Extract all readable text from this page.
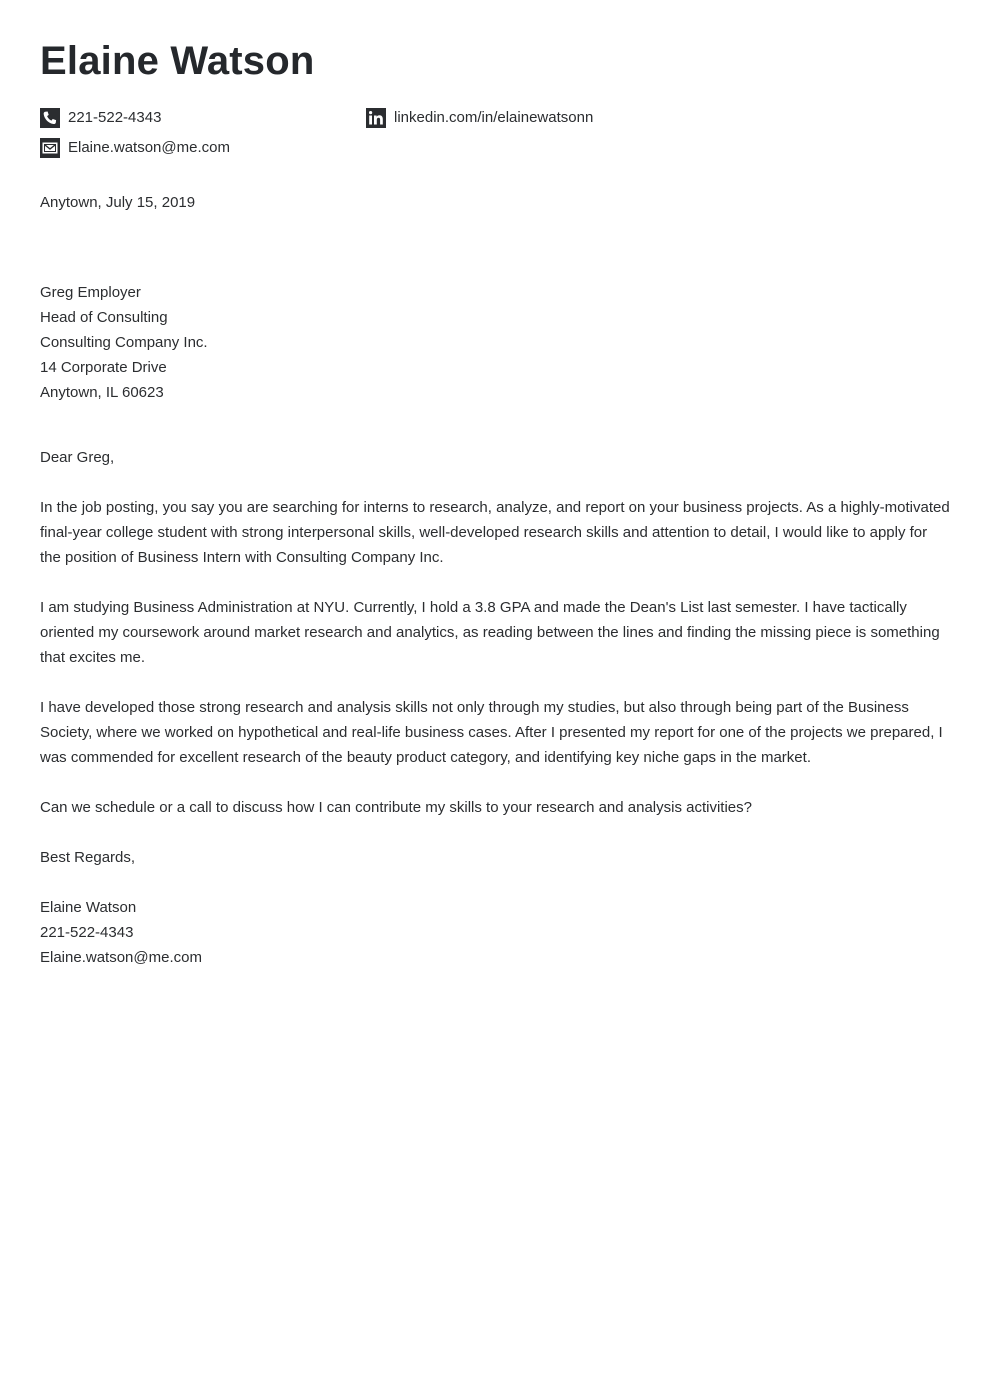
Elaine Watson
221-522-4343
Elaine.watson@me.com
linkedin.com/in/elainewatsonn

Anytown, July 15, 2019

Greg Employer
Head of Consulting
Consulting Company Inc.
14 Corporate Drive
Anytown, IL 60623

Dear Greg,

In the job posting, you say you are searching for interns to research, analyze, and report on your business projects. As a highly-motivated final-year college student with strong interpersonal skills, well-developed research skills and attention to detail, I would like to apply for the position of Business Intern with Consulting Company Inc.

I am studying Business Administration at NYU. Currently, I hold a 3.8 GPA and made the Dean's List last semester. I have tactically oriented my coursework around market research and analytics, as reading between the lines and finding the missing piece is something that excites me.

I have developed those strong research and analysis skills not only through my studies, but also through being part of the Business Society, where we worked on hypothetical and real-life business cases. After I presented my report for one of the projects we prepared, I was commended for excellent research of the beauty product category, and identifying key niche gaps in the market.

Can we schedule or a call to discuss how I can contribute my skills to your research and analysis activities?

Best Regards,

Elaine Watson
221-522-4343
Elaine.watson@me.com
